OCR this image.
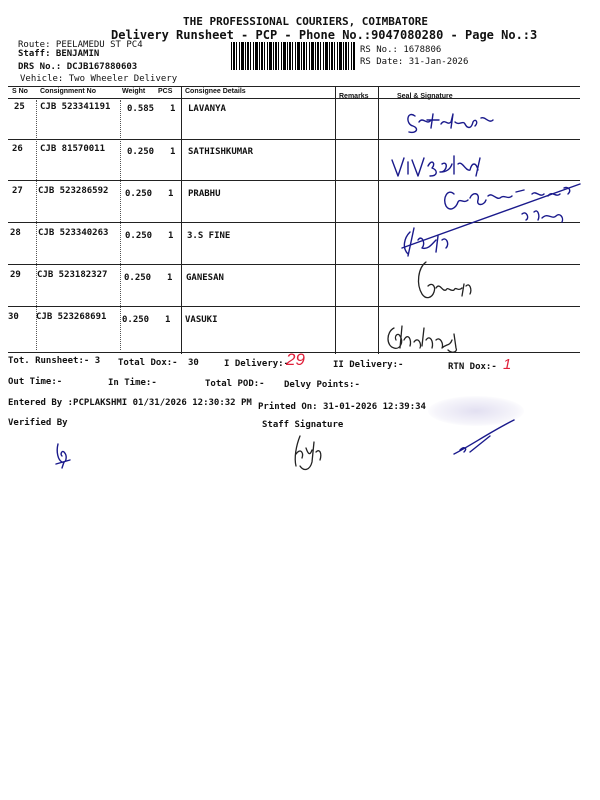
THE PROFESSIONAL COURIERS, COIMBATORE
Delivery Runsheet - PCP - Phone No.:9047080280 - Page No.:3
Route: PEELAMEDU ST PC4
Staff: BENJAMIN
DRS No.: DCJB167880603
Vehicle: Two Wheeler Delivery
RS No.: 1678806
RS Date: 31-Jan-2026
S No Consignment No	Weight PCS Consignee Details
Remarks	Seal & Signature
25 CJB 523341191 0.585 1 LAVANYA
26 CJB 81570011 0.250 1 SATHISHKUMAR
27 CJB 523286592 0.250 1 PRABHU
28 CJB 523340263 0.250 1 3.S FINE
29 CJB 523182327 0.250 1 GANESAN
30 CJB 523268691 0.250 1 VASUKI
Tot. Runsheet:- 3 Total Dox:- 30	I Delivery:-
29	II Delivery:-	RTN Dox:- 1
Out Time:-	In Time:-	Total POD:- Delvy Points:-
Entered By :PCPLAKSHMI 01/31/2026 12:30:32 PM Printed On: 31-01-2026 12:39:34
Verified By	Staff Signature
